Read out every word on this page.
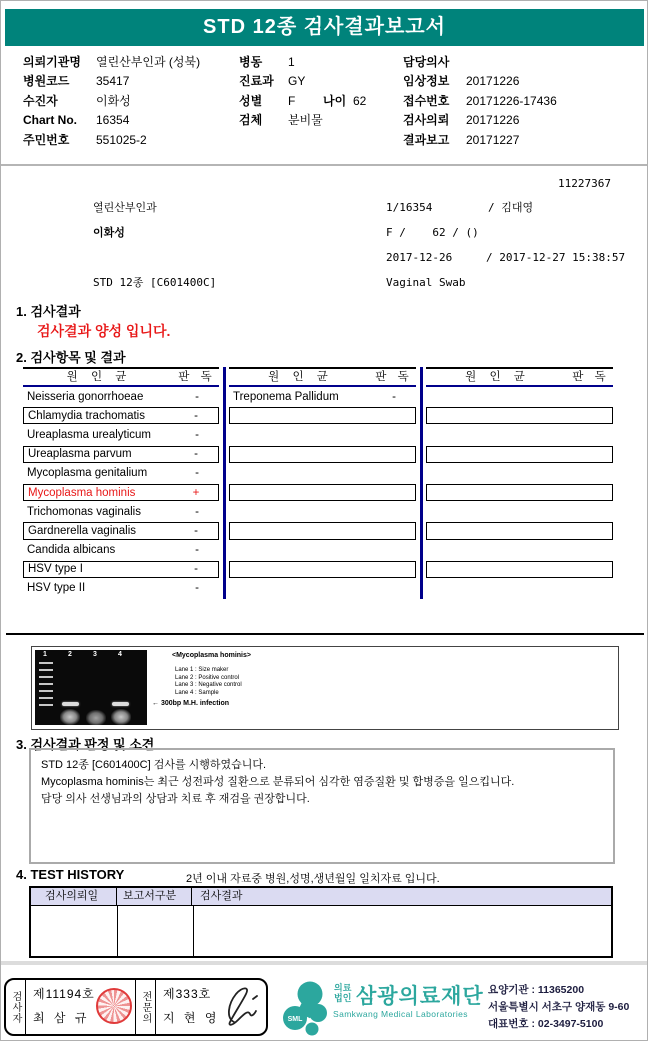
STD 12종 검사결과보고서
의뢰기관명	열린산부인과 (성북)
병원코드	35417
수진자	이화성
Chart No.	16354
주민번호	551025-2
병동	1
진료과	GY
성별	F
검체	분비물
담당의사
임상정보	20171226
접수번호	20171226-17436
검사의뢰	20171226
결과보고	20171227
나이 62
11227367
열린산부인과	1/16354	/ 김대영
이화성	F /    62 / ()
2017-12-26	/ 2017-12-27 15:38:57
STD 12종 [C601400C]	Vaginal Swab
1. 검사결과
검사결과 양성 입니다.
2. 검사항목 및 결과
원 인 균	판 독
Neisseria gonorrhoeae	-
Chlamydia trachomatis	-
Ureaplasma urealyticum	-
Ureaplasma parvum	-
Mycoplasma genitalium	-
Mycoplasma hominis	+
Trichomonas vaginalis	-
Gardnerella vaginalis	-
Candida albicans	-
HSV type I	-
HSV type II	-
원 인 균	판 독
Treponema Pallidum	-
원 인 균	판 독
1	2	3	4	<Mycoplasma hominis>
Lane 1 : Size maker
Lane 2 : Positive control
Lane 3 : Negative control
Lane 4 : Sample
← 300bp M.H. infection
3. 검사결과 판정 및 소견
STD 12종 [C601400C] 검사를 시행하였습니다.
Mycoplasma hominis는 최근 성전파성 질환으로 분류되어 심각한 염증질환 및 합병증을 일으킵니다.
담당 의사 선생님과의 상담과 치료 후 재검을 권장합니다.
4. TEST HISTORY	2년 이내 자료중 병원,성명,생년월일 일치자료 입니다.
검사의뢰일	보고서구분	검사결과
검사자 제11194호
최 삼 규	전문의 제333호
지 현 영	SML
의료법인 삼광의료재단
Samkwang Medical Laboratories
요양기관 : 11365200
서울특별시 서초구 양재동 9-60
대표번호 : 02-3497-5100
